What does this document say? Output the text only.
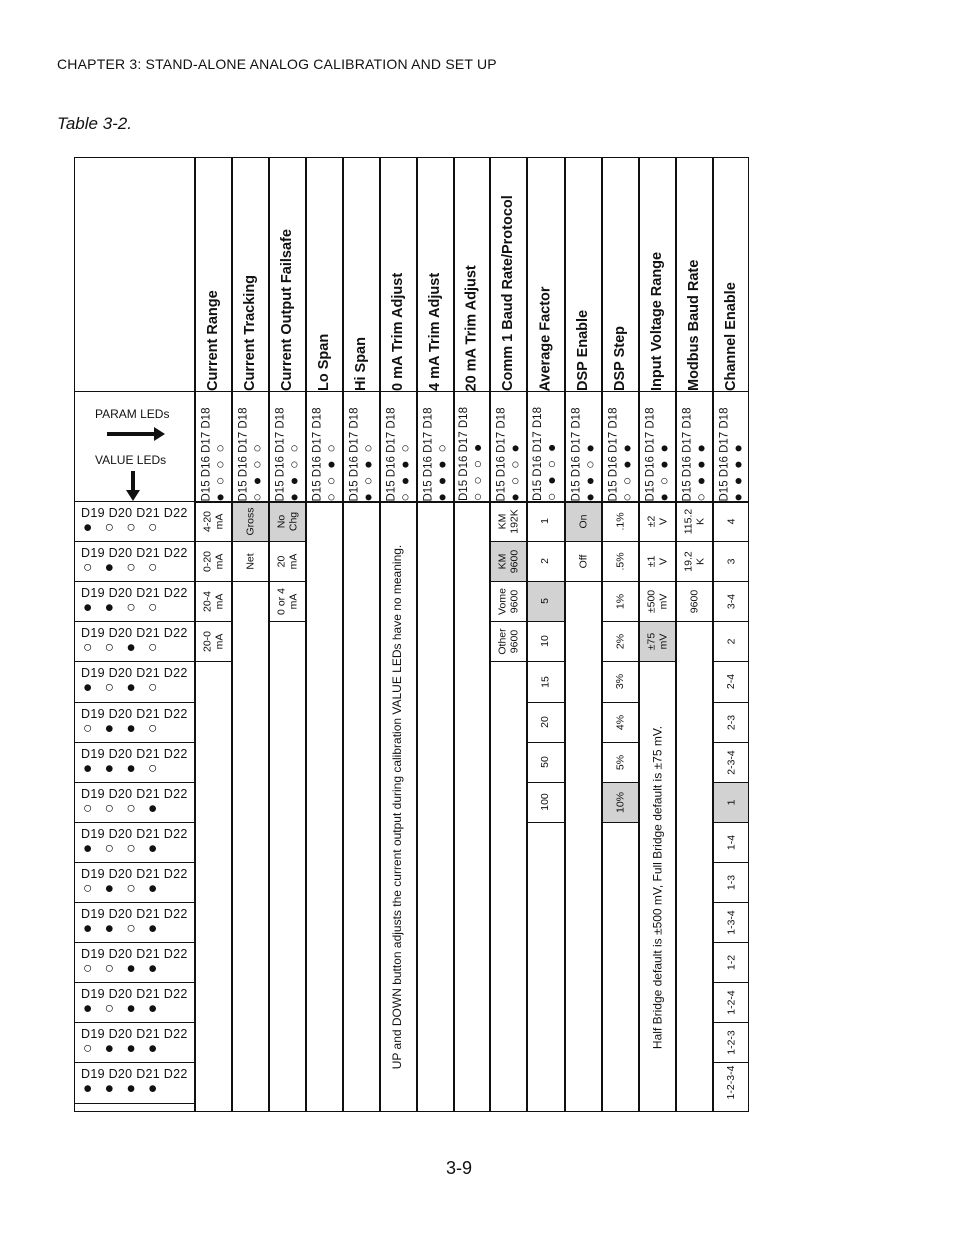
CHAPTER 3: STAND-ALONE ANALOG CALIBRATION AND SET UP
Table 3-2.
PARAM LEDs
VALUE LEDs
Current Range
D15 D16 D17 D18 ● ○ ○ ○
Current Tracking
D15 D16 D17 D18 ○ ● ○ ○
Current Output Failsafe
D15 D16 D17 D18 ● ● ○ ○
Lo Span
D15 D16 D17 D18 ○ ○ ● ○
Hi Span
D15 D16 D17 D18 ● ○ ● ○
0 mA Trim Adjust
D15 D16 D17 D18 ○ ● ● ○
4 mA Trim Adjust
D15 D16 D17 D18 ● ● ● ○
20 mA Trim Adjust
D15 D16 D17 D18 ○ ○ ○ ●
Comm 1 Baud Rate/Protocol
D15 D16 D17 D18 ● ○ ○ ●
Average Factor
D15 D16 D17 D18 ○ ● ○ ●
DSP Enable
D15 D16 D17 D18 ● ● ○ ●
DSP Step
D15 D16 D17 D18 ○ ○ ● ●
Input Voltage Range
D15 D16 D17 D18 ● ○ ● ●
Modbus Baud Rate
D15 D16 D17 D18 ○ ● ● ●
Channel Enable
D15 D16 D17 D18 ● ● ● ●
D19 D20 D21 D22
● ○ ○ ○
D19 D20 D21 D22
○ ● ○ ○
D19 D20 D21 D22
● ● ○ ○
D19 D20 D21 D22
○ ○ ● ○
D19 D20 D21 D22
● ○ ● ○
D19 D20 D21 D22
○ ● ● ○
D19 D20 D21 D22
● ● ● ○
D19 D20 D21 D22
○ ○ ○ ●
D19 D20 D21 D22
● ○ ○ ●
D19 D20 D21 D22
○ ● ○ ●
D19 D20 D21 D22
● ● ○ ●
D19 D20 D21 D22
○ ○ ● ●
D19 D20 D21 D22
● ○ ● ●
D19 D20 D21 D22
○ ● ● ●
D19 D20 D21 D22
● ● ● ●
4-20
mA
0-20
mA
20-4
mA
20-0
mA
Gross
Net
No
Chg
20
mA
0 or 4
mA
KM
192K
KM
9600
Vome
9600
Other
9600
1
2
5
10
15
20
50
100
On
Off
.1%
.5%
1%
2%
3%
4%
5%
10%
±2
V
±1
V
±500
mV
±75
mV
115.2
K
19.2
K
9600
4
3
3-4
2
2-4
2-3
2-3-4
1
1-4
1-3
1-3-4
1-2
1-2-4
1-2-3
1-2-3-4
UP and DOWN button adjusts the current output during calibration VALUE LEDs have no meaning.	Half Bridge default is ±500 mV, Full Bridge default is ±75 mV.
3-9
